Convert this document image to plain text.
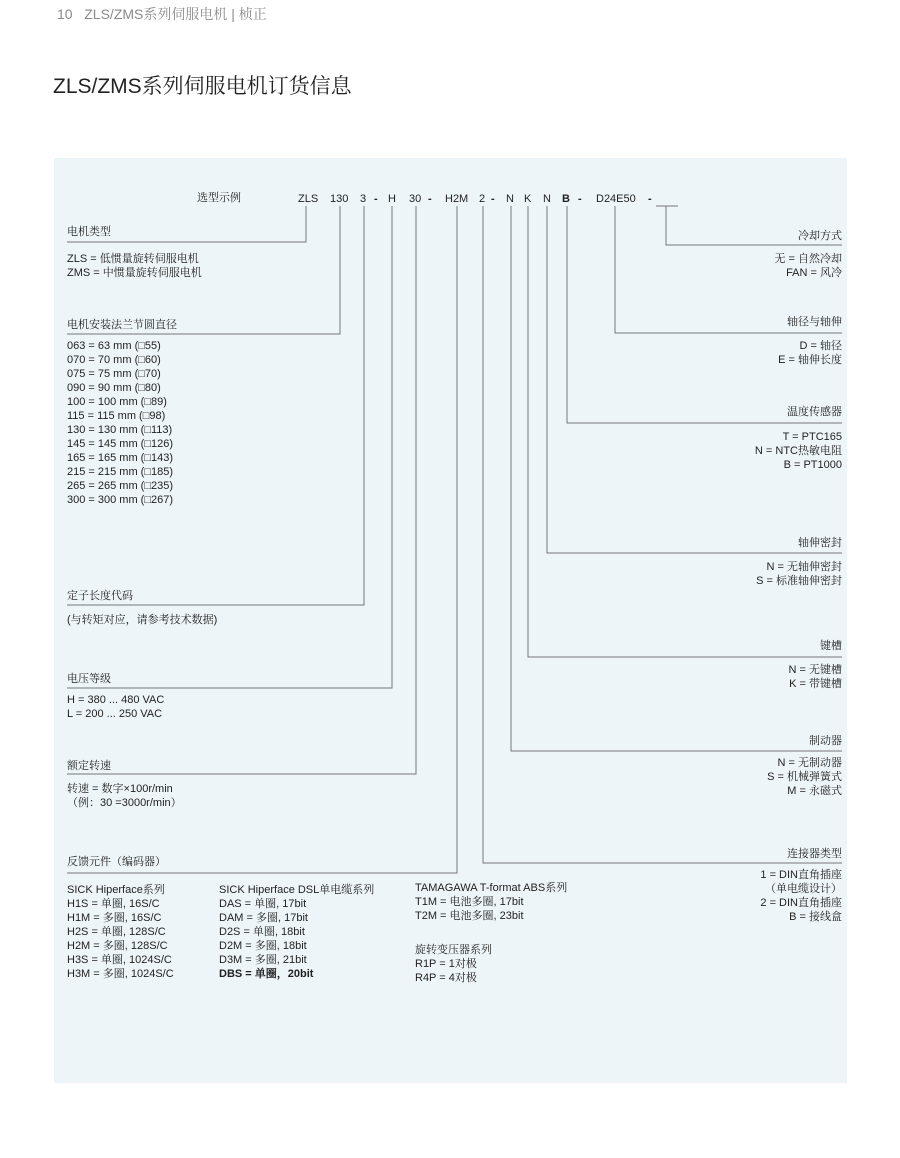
10 ZLS/ZMS系列伺服电机 | 桢正
ZLS/ZMS系列伺服电机订货信息
选型示例	ZLS 130 3 - H 30 - H2M 2 - N K N B - D24E50 -
电机类型
ZLS = 低惯量旋转伺服电机
ZMS = 中惯量旋转伺服电机
电机安装法兰节圆直径
063 = 63 mm (□55)
070 = 70 mm (□60)
075 = 75 mm (□70)
090 = 90 mm (□80)
100 = 100 mm (□89)
115 = 115 mm (□98)
130 = 130 mm (□113)
145 = 145 mm (□126)
165 = 165 mm (□143)
215 = 215 mm (□185)
265 = 265 mm (□235)
300 = 300 mm (□267)
定子长度代码
(与转矩对应，请参考技术数据)
电压等级
H = 380 ... 480 VAC
L = 200 ... 250 VAC
额定转速
转速 = 数字×100r/min
（例：30 =3000r/min）
反馈元件（编码器）
SICK Hiperface系列
H1S = 单圈, 16S/C
H1M = 多圈, 16S/C
H2S = 单圈, 128S/C
H2M = 多圈, 128S/C
H3S = 单圈, 1024S/C
H3M = 多圈, 1024S/C
SICK Hiperface DSL单电缆系列
DAS = 单圈, 17bit
DAM = 多圈, 17bit
D2S = 单圈, 18bit
D2M = 多圈, 18bit
D3M = 多圈, 21bit
DBS = 单圈，20bit
TAMAGAWA T-format ABS系列
T1M = 电池多圈, 17bit
T2M = 电池多圈, 23bit
旋转变压器系列
R1P = 1对极
R4P = 4对极
冷却方式
无 = 自然冷却
FAN = 风冷
轴径与轴伸
D = 轴径
E = 轴伸长度
温度传感器
T = PTC165
N = NTC热敏电阻
B = PT1000
轴伸密封
N = 无轴伸密封
S = 标准轴伸密封
键槽
N = 无键槽
K = 带键槽
制动器
N = 无制动器
S = 机械弹簧式
M = 永磁式
连接器类型
1 = DIN直角插座
（单电缆设计）
2 = DIN直角插座
B = 接线盒
